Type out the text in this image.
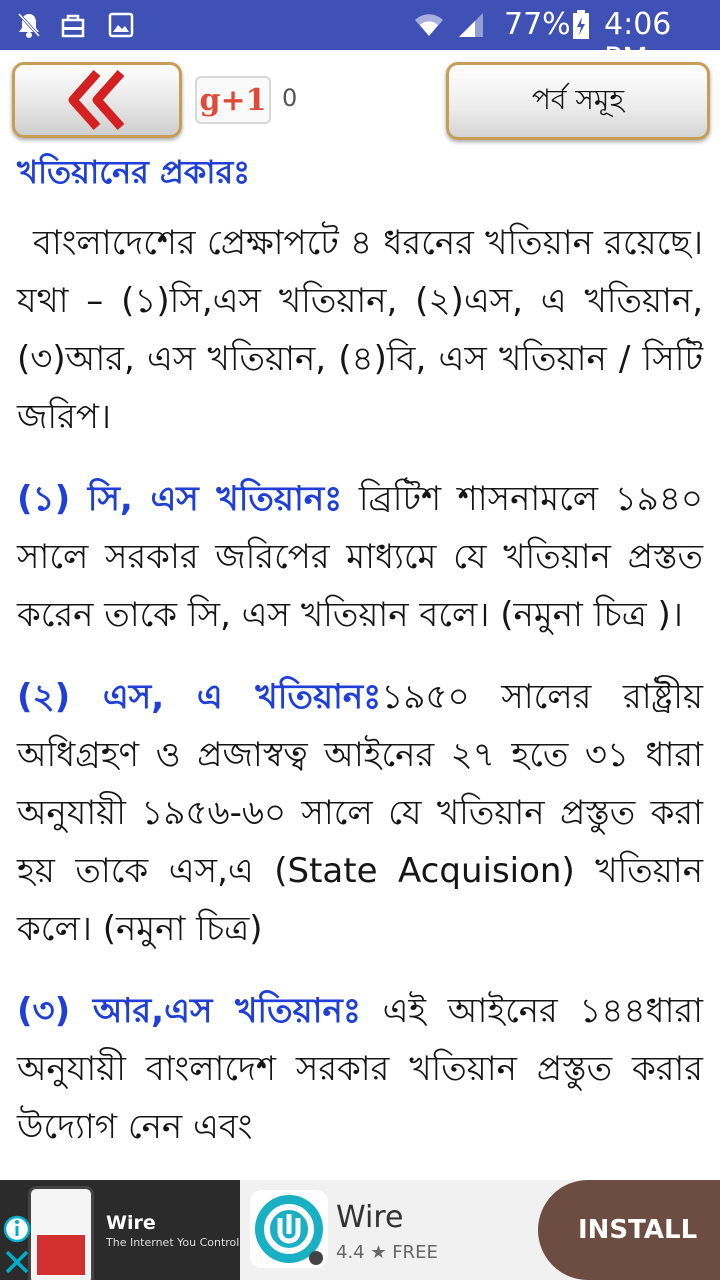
77% 4:06
g+1 0	পর্ব সমূহ
খতিয়ানের প্রকারঃ

বাংলাদেশের প্রেক্ষাপটে ৪ ধরনের খতিয়ান রয়েছে। যথা – (১)সি,এস খতিয়ান, (২)এস, এ খতিয়ান, (৩)আর, এস খতিয়ান, (৪)বি, এস খতিয়ান / সিটি জরিপ।

(১) সি, এস খতিয়ানঃ ব্রিটিশ শাসনামলে ১৯৪০ সালে সরকার জরিপের মাধ্যমে যে খতিয়ান প্রস্তত করেন তাকে সি, এস খতিয়ান বলে। (নমুনা চিত্র )।

(২) এস, এ খতিয়ানঃ১৯৫০ সালের রাষ্ট্রীয় অধিগ্রহণ ও প্রজাস্বত্ব আইনের ২৭ হতে ৩১ ধারা অনুযায়ী ১৯৫৬-৬০ সালে যে খতিয়ান প্রস্তুত করা হয় তাকে এস,এ (State Acquision) খতিয়ান কলে। (নমুনা চিত্র)

(৩) আর,এস খতিয়ানঃ এই আইনের ১৪৪ধারা অনুযায়ী বাংলাদেশ সরকার খতিয়ান প্রস্তুত করার উদ্যোগ নেন এবং

Wire
The Internet You Control
Wire
4.4 ★ FREE
INSTALL
